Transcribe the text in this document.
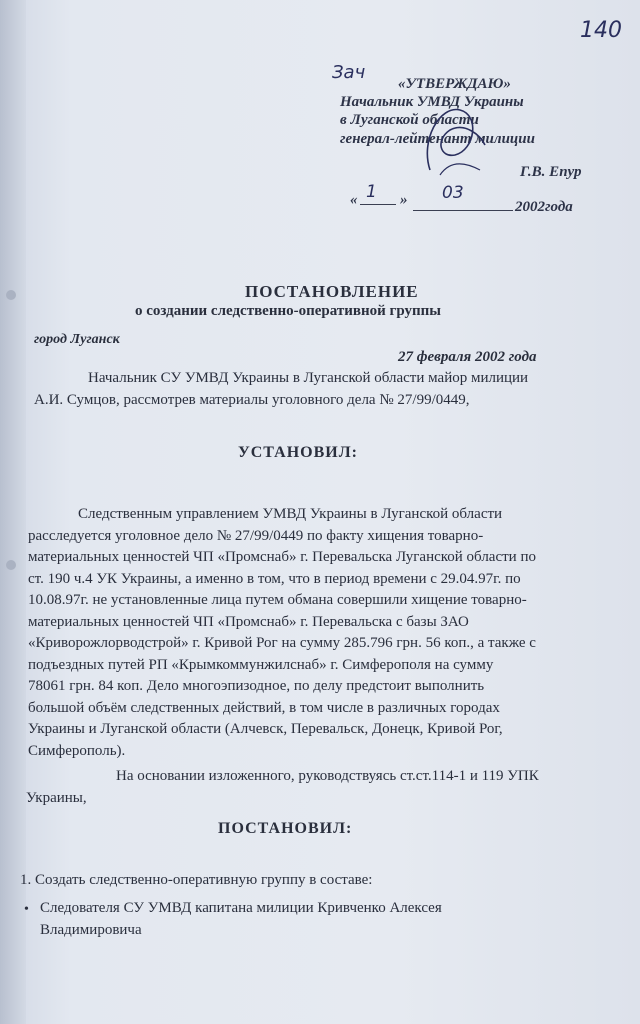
140
Зач
«УТВЕРЖДАЮ»
Начальник УМВД Украины
в Луганской области
генерал-лейтенант милиции
Г.В. Епур
« 1 » 03
2002года
ПОСТАНОВЛЕНИЕ
о создании следственно-оперативной группы
город Луганск
27 февраля 2002 года

Начальник СУ УМВД Украины в Луганской области майор милиции

А.И. Сумцов, рассмотрев материалы уголовного дела № 27/99/0449,

УСТАНОВИЛ:

Следственным управлением УМВД Украины в Луганской области

расследуется уголовное дело № 27/99/0449 по факту хищения товарно-

материальных ценностей ЧП «Промснаб» г. Перевальска Луганской области по

ст. 190 ч.4 УК Украины, а именно в том, что в период времени с 29.04.97г. по

10.08.97г. не установленные лица путем обмана совершили хищение товарно-

материальных ценностей ЧП «Промснаб» г. Перевальска с базы ЗАО

«Криворожлорводстрой» г. Кривой Рог на сумму 285.796 грн. 56 коп., а также с

подъездных путей РП «Крымкоммунжилснаб» г. Симферополя на сумму

78061 грн. 84 коп. Дело многоэпизодное, по делу предстоит выполнить

большой объём следственных действий, в том числе в различных городах

Украины и Луганской области (Алчевск, Перевальск, Донецк, Кривой Рог,

Симферополь).

На основании изложенного, руководствуясь ст.ст.114-1 и 119 УПК

Украины,

ПОСТАНОВИЛ:
1. Создать следственно-оперативную группу в составе:
• Следователя СУ УМВД капитана милиции Кривченко Алексея

Владимировича
